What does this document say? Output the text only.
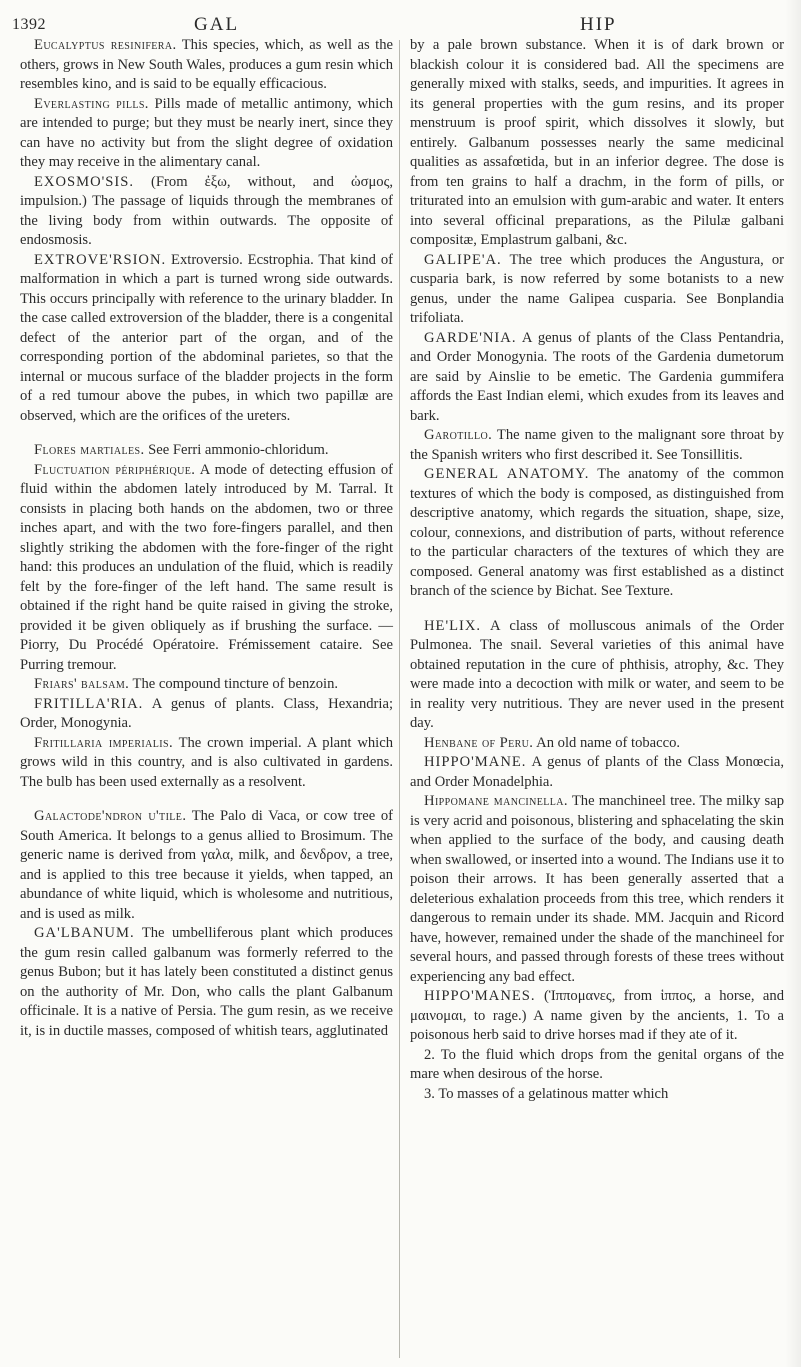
1392	GAL	HIP

Eucalyptus resinifera. This species, which, as well as the others, grows in New South Wales, produces a gum resin which resembles kino, and is said to be equally efficacious.

Everlasting pills. Pills made of metallic antimony, which are intended to purge; but they must be nearly inert, since they can have no activity but from the slight degree of oxidation they may receive in the alimentary canal.

EXOSMO'SIS. (From ἐξω, without, and ὠσμος, impulsion.) The passage of liquids through the membranes of the living body from within outwards. The opposite of endosmosis.

EXTROVE'RSION. Extroversio. Ecstrophia. That kind of malformation in which a part is turned wrong side outwards. This occurs principally with reference to the urinary bladder. In the case called extroversion of the bladder, there is a congenital defect of the anterior part of the organ, and of the corresponding portion of the abdominal parietes, so that the internal or mucous surface of the bladder projects in the form of a red tumour above the pubes, in which two papillæ are observed, which are the orifices of the ureters.

Flores martiales. See Ferri ammonio-chloridum.

Fluctuation périphérique. A mode of detecting effusion of fluid within the abdomen lately introduced by M. Tarral. It consists in placing both hands on the abdomen, two or three inches apart, and with the two fore-fingers parallel, and then slightly striking the abdomen with the fore-finger of the right hand: this produces an undulation of the fluid, which is readily felt by the fore-finger of the left hand. The same result is obtained if the right hand be quite raised in giving the stroke, provided it be given obliquely as if brushing the surface. — Piorry, Du Procédé Opératoire. Frémissement cataire. See Purring tremour.

Friars' balsam. The compound tincture of benzoin.

FRITILLA'RIA. A genus of plants. Class, Hexandria; Order, Monogynia.

Fritillaria imperialis. The crown imperial. A plant which grows wild in this country, and is also cultivated in gardens. The bulb has been used externally as a resolvent.

Galactode'ndron u'tile. The Palo di Vaca, or cow tree of South America. It belongs to a genus allied to Brosimum. The generic name is derived from γαλα, milk, and δενδρον, a tree, and is applied to this tree because it yields, when tapped, an abundance of white liquid, which is wholesome and nutritious, and is used as milk.

GA'LBANUM. The umbelliferous plant which produces the gum resin called galbanum was formerly referred to the genus Bubon; but it has lately been constituted a distinct genus on the authority of Mr. Don, who calls the plant Galbanum officinale. It is a native of Persia. The gum resin, as we receive it, is in ductile masses, composed of whitish tears, agglutinated

by a pale brown substance. When it is of dark brown or blackish colour it is considered bad. All the specimens are generally mixed with stalks, seeds, and impurities. It agrees in its general properties with the gum resins, and its proper menstruum is proof spirit, which dissolves it slowly, but entirely. Galbanum possesses nearly the same medicinal qualities as assafœtida, but in an inferior degree. The dose is from ten grains to half a drachm, in the form of pills, or triturated into an emulsion with gum-arabic and water. It enters into several officinal preparations, as the Pilulæ galbani compositæ, Emplastrum galbani, &c.

GALIPE'A. The tree which produces the Angustura, or cusparia bark, is now referred by some botanists to a new genus, under the name Galipea cusparia. See Bonplandia trifoliata.

GARDE'NIA. A genus of plants of the Class Pentandria, and Order Monogynia. The roots of the Gardenia dumetorum are said by Ainslie to be emetic. The Gardenia gummifera affords the East Indian elemi, which exudes from its leaves and bark.

Garotillo. The name given to the malignant sore throat by the Spanish writers who first described it. See Tonsillitis.

GENERAL ANATOMY. The anatomy of the common textures of which the body is composed, as distinguished from descriptive anatomy, which regards the situation, shape, size, colour, connexions, and distribution of parts, without reference to the particular characters of the textures of which they are composed. General anatomy was first established as a distinct branch of the science by Bichat. See Texture.

HE'LIX. A class of molluscous animals of the Order Pulmonea. The snail. Several varieties of this animal have obtained reputation in the cure of phthisis, atrophy, &c. They were made into a decoction with milk or water, and seem to be in reality very nutritious. They are never used in the present day.

Henbane of Peru. An old name of tobacco.

HIPPO'MANE. A genus of plants of the Class Monœcia, and Order Monadelphia.

Hippomane mancinella. The manchineel tree. The milky sap is very acrid and poisonous, blistering and sphacelating the skin when applied to the surface of the body, and causing death when swallowed, or inserted into a wound. The Indians use it to poison their arrows. It has been generally asserted that a deleterious exhalation proceeds from this tree, which renders it dangerous to remain under its shade. MM. Jacquin and Ricord have, however, remained under the shade of the manchineel for several hours, and passed through forests of these trees without experiencing any bad effect.

HIPPO'MANES. (Ἱππομανες, from ἱππος, a horse, and μαινομαι, to rage.) A name given by the ancients, 1. To a poisonous herb said to drive horses mad if they ate of it.

2. To the fluid which drops from the genital organs of the mare when desirous of the horse.

3. To masses of a gelatinous matter which
